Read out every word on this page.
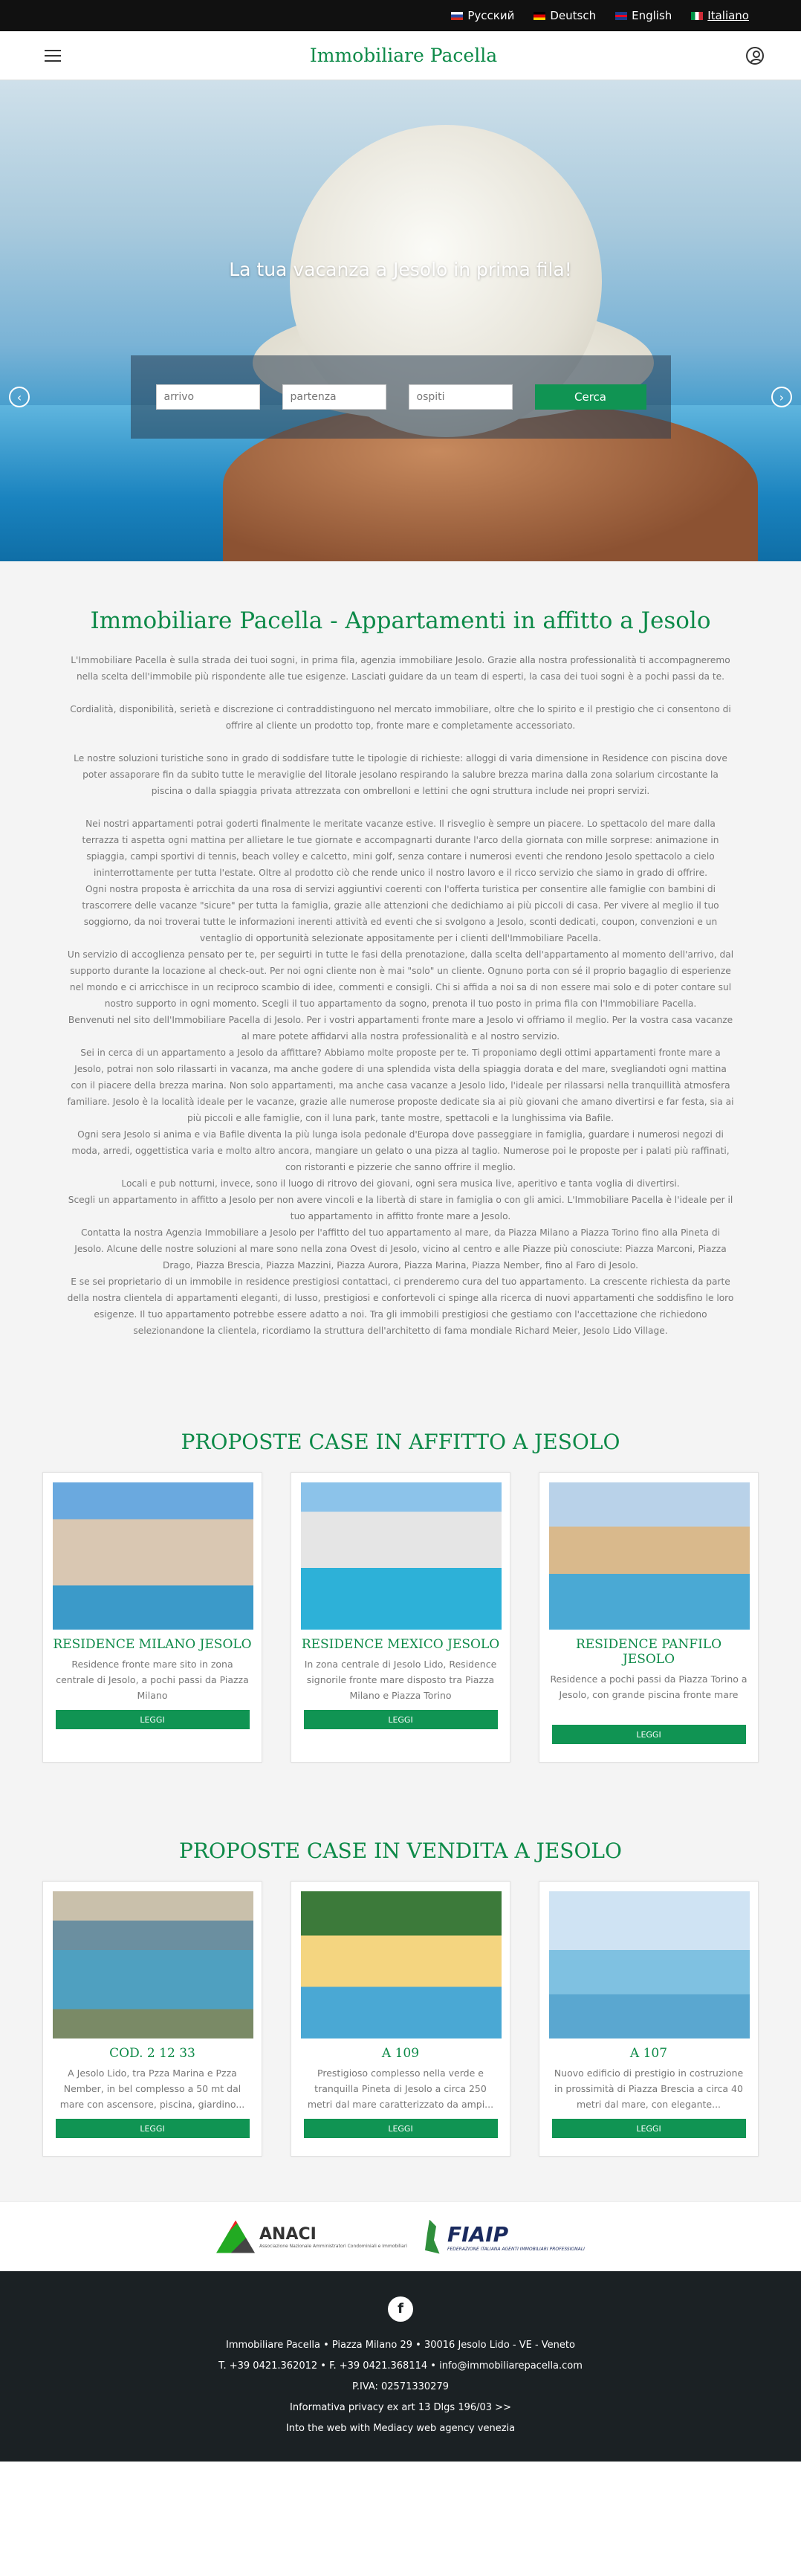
Русский	Deutsch	English	Italiano
Immobiliare Pacella
La tua vacanza a Jesolo in prima fila!
arrivo
partenza
ospiti
Cerca
‹	›
Immobiliare Pacella - Appartamenti in affitto a Jesolo

L'Immobiliare Pacella è sulla strada dei tuoi sogni, in prima fila, agenzia immobiliare Jesolo. Grazie alla nostra professionalità ti accompagneremo nella scelta dell'immobile più rispondente alle tue esigenze. Lasciati guidare da un team di esperti, la casa dei tuoi sogni è a pochi passi da te.

Cordialità, disponibilità, serietà e discrezione ci contraddistinguono nel mercato immobiliare, oltre che lo spirito e il prestigio che ci consentono di offrire al cliente un prodotto top, fronte mare e completamente accessoriato.

Le nostre soluzioni turistiche sono in grado di soddisfare tutte le tipologie di richieste: alloggi di varia dimensione in Residence con piscina dove poter assaporare fin da subito tutte le meraviglie del litorale jesolano respirando la salubre brezza marina dalla zona solarium circostante la piscina o dalla spiaggia privata attrezzata con ombrelloni e lettini che ogni struttura include nei propri servizi.

Nei nostri appartamenti potrai goderti finalmente le meritate vacanze estive. Il risveglio è sempre un piacere. Lo spettacolo del mare dalla terrazza ti aspetta ogni mattina per allietare le tue giornate e accompagnarti durante l'arco della giornata con mille sorprese: animazione in spiaggia, campi sportivi di tennis, beach volley e calcetto, mini golf, senza contare i numerosi eventi che rendono Jesolo spettacolo a cielo ininterrottamente per tutta l'estate. Oltre al prodotto ciò che rende unico il nostro lavoro e il ricco servizio che siamo in grado di offrire.

Ogni nostra proposta è arricchita da una rosa di servizi aggiuntivi coerenti con l'offerta turistica per consentire alle famiglie con bambini di trascorrere delle vacanze "sicure" per tutta la famiglia, grazie alle attenzioni che dedichiamo ai più piccoli di casa. Per vivere al meglio il tuo soggiorno, da noi troverai tutte le informazioni inerenti attività ed eventi che si svolgono a Jesolo, sconti dedicati, coupon, convenzioni e un ventaglio di opportunità selezionate appositamente per i clienti dell'Immobiliare Pacella.

Un servizio di accoglienza pensato per te, per seguirti in tutte le fasi della prenotazione, dalla scelta dell'appartamento al momento dell'arrivo, dal supporto durante la locazione al check-out. Per noi ogni cliente non è mai "solo" un cliente. Ognuno porta con sé il proprio bagaglio di esperienze nel mondo e ci arricchisce in un reciproco scambio di idee, commenti e consigli. Chi si affida a noi sa di non essere mai solo e di poter contare sul nostro supporto in ogni momento. Scegli il tuo appartamento da sogno, prenota il tuo posto in prima fila con l'Immobiliare Pacella.

Benvenuti nel sito dell'Immobiliare Pacella di Jesolo. Per i vostri appartamenti fronte mare a Jesolo vi offriamo il meglio. Per la vostra casa vacanze al mare potete affidarvi alla nostra professionalità e al nostro servizio.

Sei in cerca di un appartamento a Jesolo da affittare? Abbiamo molte proposte per te. Ti proponiamo degli ottimi appartamenti fronte mare a Jesolo, potrai non solo rilassarti in vacanza, ma anche godere di una splendida vista della spiaggia dorata e del mare, svegliandoti ogni mattina con il piacere della brezza marina. Non solo appartamenti, ma anche casa vacanze a Jesolo lido, l'ideale per rilassarsi nella tranquillità atmosfera familiare. Jesolo è la località ideale per le vacanze, grazie alle numerose proposte dedicate sia ai più giovani che amano divertirsi e far festa, sia ai più piccoli e alle famiglie, con il luna park, tante mostre, spettacoli e la lunghissima via Bafile.

Ogni sera Jesolo si anima e via Bafile diventa la più lunga isola pedonale d'Europa dove passeggiare in famiglia, guardare i numerosi negozi di moda, arredi, oggettistica varia e molto altro ancora, mangiare un gelato o una pizza al taglio. Numerose poi le proposte per i palati più raffinati, con ristoranti e pizzerie che sanno offrire il meglio.

Locali e pub notturni, invece, sono il luogo di ritrovo dei giovani, ogni sera musica live, aperitivo e tanta voglia di divertirsi.

Scegli un appartamento in affitto a Jesolo per non avere vincoli e la libertà di stare in famiglia o con gli amici. L'Immobiliare Pacella è l'ideale per il tuo appartamento in affitto fronte mare a Jesolo.

Contatta la nostra Agenzia Immobiliare a Jesolo per l'affitto del tuo appartamento al mare, da Piazza Milano a Piazza Torino fino alla Pineta di Jesolo. Alcune delle nostre soluzioni al mare sono nella zona Ovest di Jesolo, vicino al centro e alle Piazze più conosciute: Piazza Marconi, Piazza Drago, Piazza Brescia, Piazza Mazzini, Piazza Aurora, Piazza Marina, Piazza Nember, fino al Faro di Jesolo.

E se sei proprietario di un immobile in residence prestigiosi contattaci, ci prenderemo cura del tuo appartamento. La crescente richiesta da parte della nostra clientela di appartamenti eleganti, di lusso, prestigiosi e confortevoli ci spinge alla ricerca di nuovi appartamenti che soddisfino le loro esigenze. Il tuo appartamento potrebbe essere adatto a noi. Tra gli immobili prestigiosi che gestiamo con l'accettazione che richiedono selezionandone la clientela, ricordiamo la struttura dell'architetto di fama mondiale Richard Meier, Jesolo Lido Village.

PROPOSTE CASE IN AFFITTO A JESOLO
RESIDENCE MILANO JESOLO

Residence fronte mare sito in zona centrale di Jesolo, a pochi passi da Piazza Milano

LEGGI
RESIDENCE MEXICO JESOLO

In zona centrale di Jesolo Lido, Residence signorile fronte mare disposto tra Piazza Milano e Piazza Torino

LEGGI
RESIDENCE PANFILO JESOLO

Residence a pochi passi da Piazza Torino a Jesolo, con grande piscina fronte mare

LEGGI
PROPOSTE CASE IN VENDITA A JESOLO
COD. 2 12 33

A Jesolo Lido, tra Pzza Marina e Pzza Nember, in bel complesso a 50 mt dal mare con ascensore, piscina, giardino...

LEGGI
A 109

Prestigioso complesso nella verde e tranquilla Pineta di Jesolo a circa 250 metri dal mare caratterizzato da ampi...

LEGGI
A 107

Nuovo edificio di prestigio in costruzione in prossimità di Piazza Brescia a circa 40 metri dal mare, con elegante...

LEGGI
ANACI
Associazione Nazionale Amministratori Condominiali e Immobiliari FIAIP
FEDERAZIONE ITALIANA AGENTI IMMOBILIARI PROFESSIONALI
f
Immobiliare Pacella • Piazza Milano 29 • 30016 Jesolo Lido - VE - Veneto
T. +39 0421.362012 • F. +39 0421.368114 • info@immobiliarepacella.com
P.IVA: 02571330279
Informativa privacy ex art 13 Dlgs 196/03 >>
Into the web with Mediacy web agency venezia
